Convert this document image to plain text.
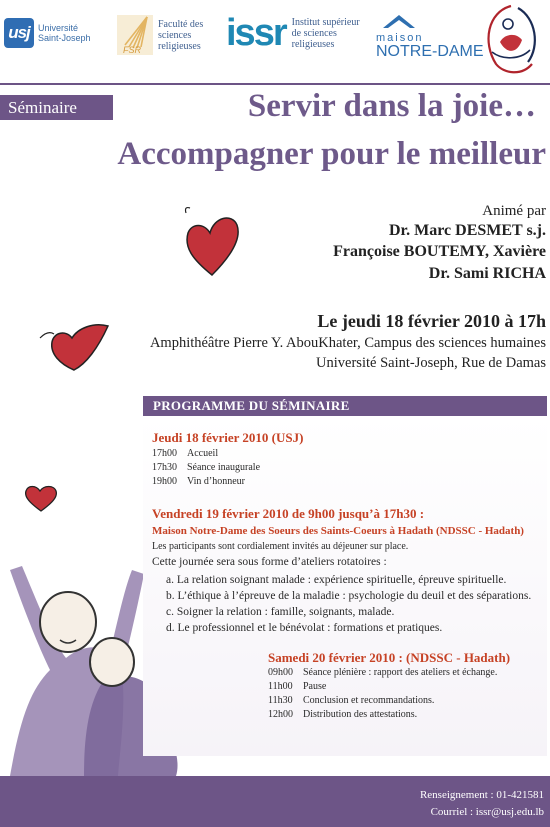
usj Université
Saint-Joseph
FSR
Faculté des
sciences
religieuses issr Institut supérieur
de sciences
religieuses	maison
NOTRE-DAME
Séminaire	Servir dans la joie…
Accompagner pour le meilleur
Animé par
Dr. Marc DESMET s.j.
Françoise BOUTEMY, Xavière
Dr. Sami RICHA
Le jeudi 18 février 2010 à 17h
Amphithéâtre Pierre Y. AbouKhater, Campus des sciences humaines
Université Saint-Joseph, Rue de Damas
PROGRAMME DU SÉMINAIRE
Jeudi 18 février 2010 (USJ)
17h00	Accueil
17h30	Séance inaugurale
19h00	Vin d’honneur
Vendredi 19 février 2010 de 9h00 jusqu’à 17h30 :
Maison Notre-Dame des Soeurs des Saints-Coeurs à Hadath (NDSSC - Hadath)
Les participants sont cordialement invités au déjeuner sur place.
Cette journée sera sous forme d’ateliers rotatoires :
a. La relation soignant malade : expérience spirituelle, épreuve spirituelle.
b. L’éthique à l’épreuve de la maladie : psychologie du deuil et des séparations.
c. Soigner la relation : famille, soignants, malade.
d. Le professionnel et le bénévolat : formations et pratiques.
Samedi 20 février 2010 : (NDSSC - Hadath)
09h00	Séance plénière : rapport des ateliers et échange.
11h00	Pause
11h30	Conclusion et recommandations.
12h00	Distribution des attestations.
Renseignement : 01-421581
Courriel : issr@usj.edu.lb
